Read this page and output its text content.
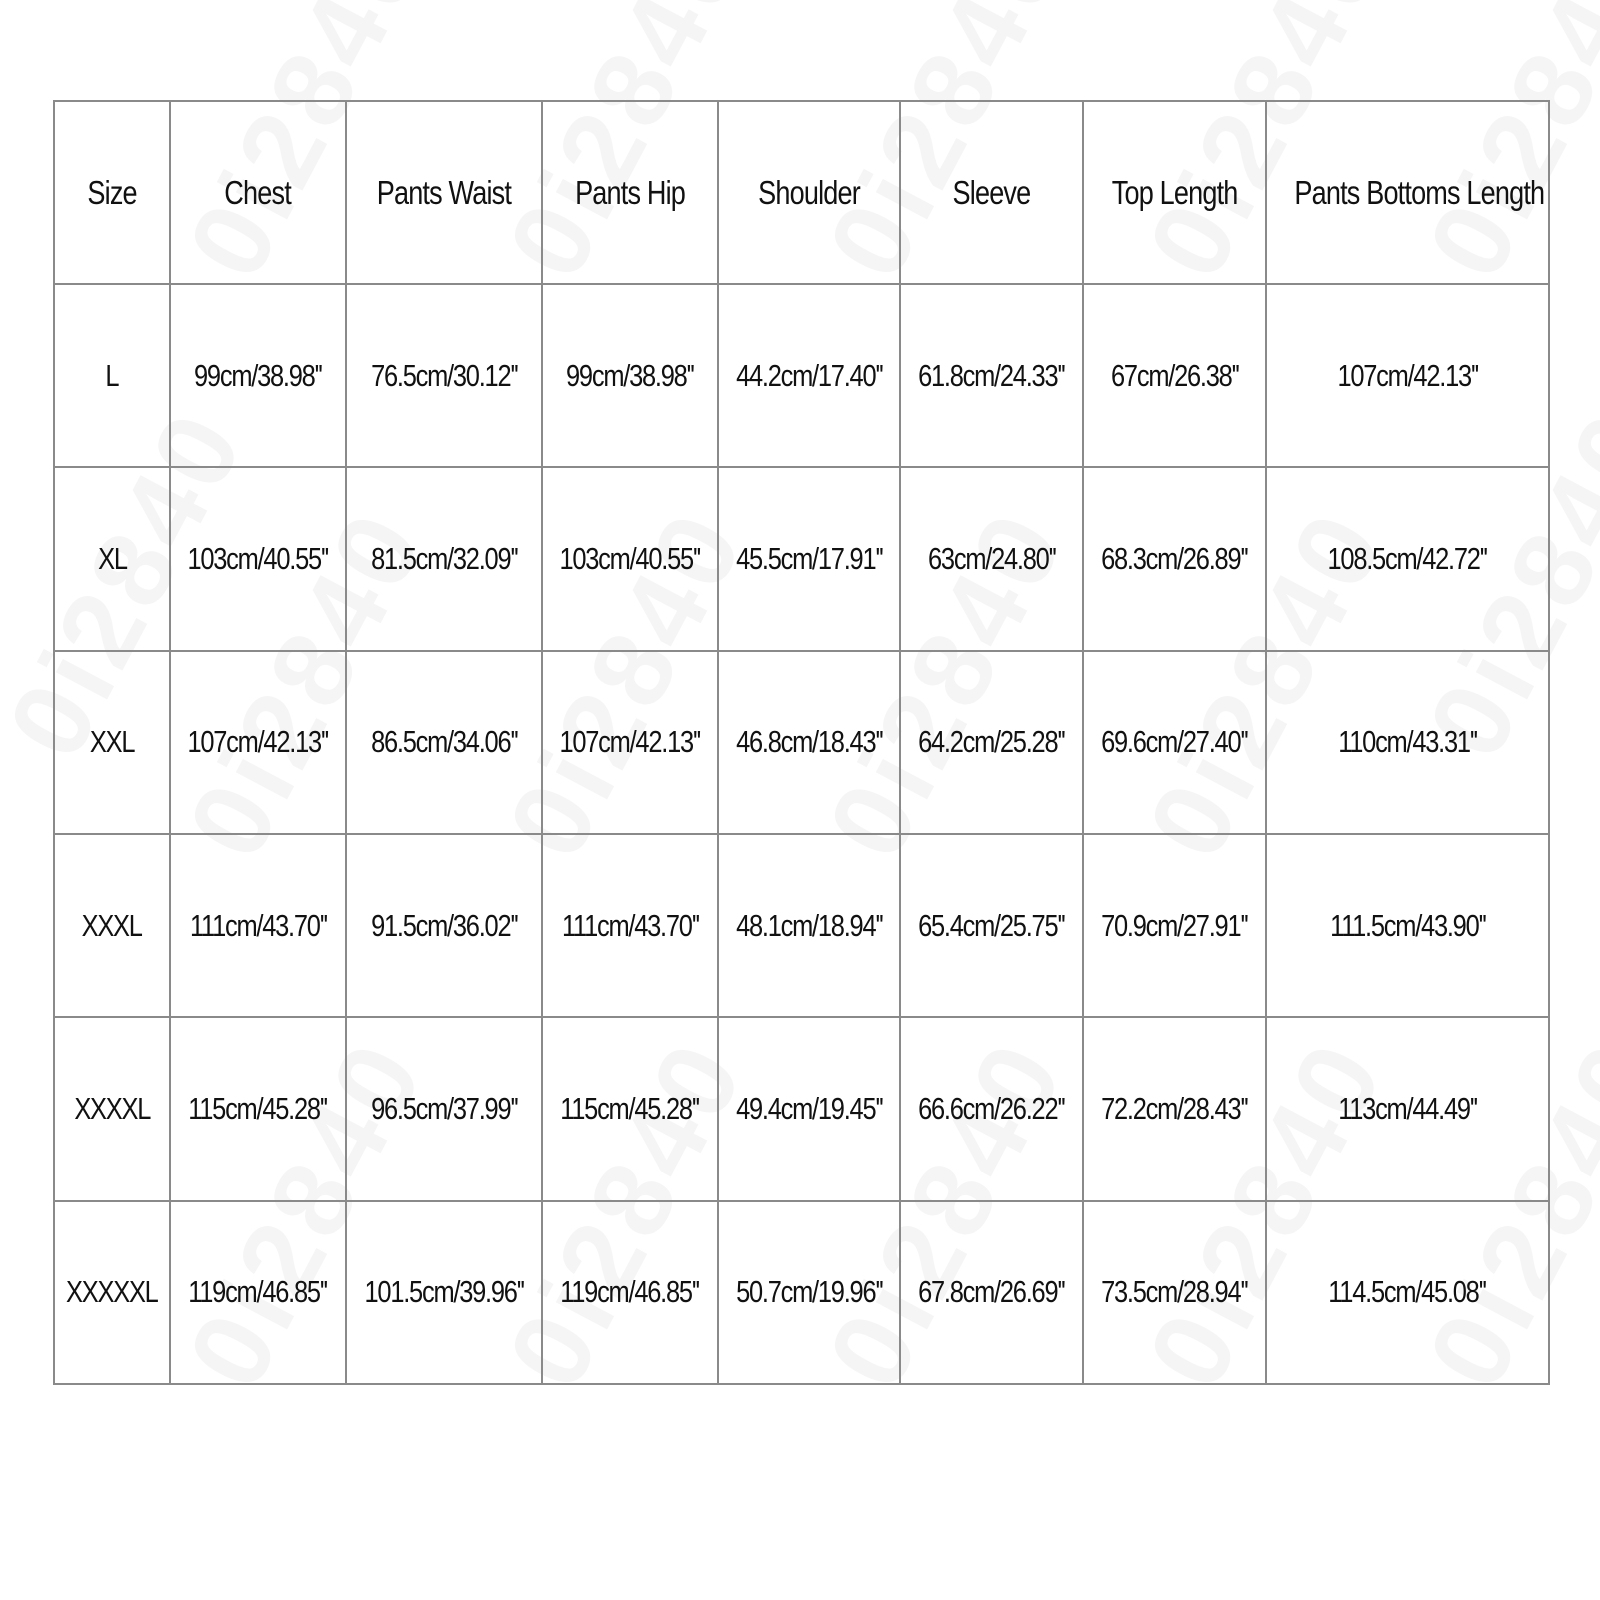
Size	Chest	Pants Waist	Pants Hip	Shoulder	Sleeve	Top Length	Pants Bottoms Length
L	99cm/38.98''	76.5cm/30.12''	99cm/38.98''	44.2cm/17.40''	61.8cm/24.33''	67cm/26.38''	107cm/42.13''
XL	103cm/40.55''	81.5cm/32.09''	103cm/40.55''	45.5cm/17.91''	63cm/24.80''	68.3cm/26.89''	108.5cm/42.72''
XXL	107cm/42.13''	86.5cm/34.06''	107cm/42.13''	46.8cm/18.43''	64.2cm/25.28''	69.6cm/27.40''	110cm/43.31''
XXXL	111cm/43.70''	91.5cm/36.02''	111cm/43.70''	48.1cm/18.94''	65.4cm/25.75''	70.9cm/27.91''	111.5cm/43.90''
XXXXL	115cm/45.28''	96.5cm/37.99''	115cm/45.28''	49.4cm/19.45''	66.6cm/26.22''	72.2cm/28.43''	113cm/44.49''
XXXXXL	119cm/46.85''	101.5cm/39.96''	119cm/46.85''	50.7cm/19.96''	67.8cm/26.69''	73.5cm/28.94''	114.5cm/45.08''
